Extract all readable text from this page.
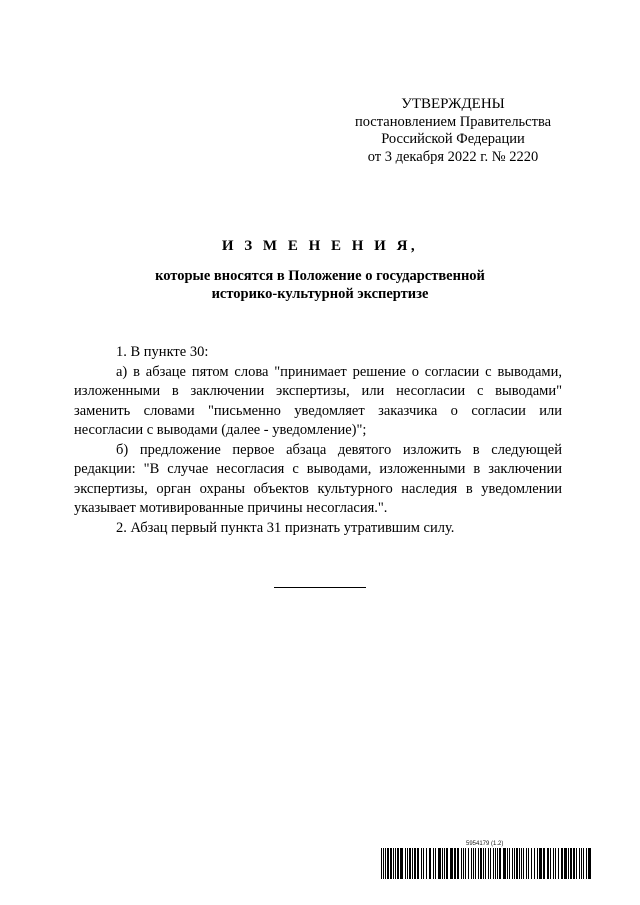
УТВЕРЖДЕНЫ
постановлением Правительства
Российской Федерации
от 3 декабря 2022 г. № 2220
И З М Е Н Е Н И Я,
которые вносятся в Положение о государственной
историко-культурной экспертизе

1. В пункте 30:

а) в абзаце пятом слова "принимает решение о согласии с выводами, изложенными в заключении экспертизы, или несогласии с выводами" заменить словами "письменно уведомляет заказчика о согласии или несогласии с выводами (далее - уведомление)";

б) предложение первое абзаца девятого изложить в следующей редакции: "В случае несогласия с выводами, изложенными в заключении экспертизы, орган охраны объектов культурного наследия в уведомлении указывает мотивированные причины несогласия.".

2. Абзац первый пункта 31 признать утратившим силу.

5954179 (1.2)
